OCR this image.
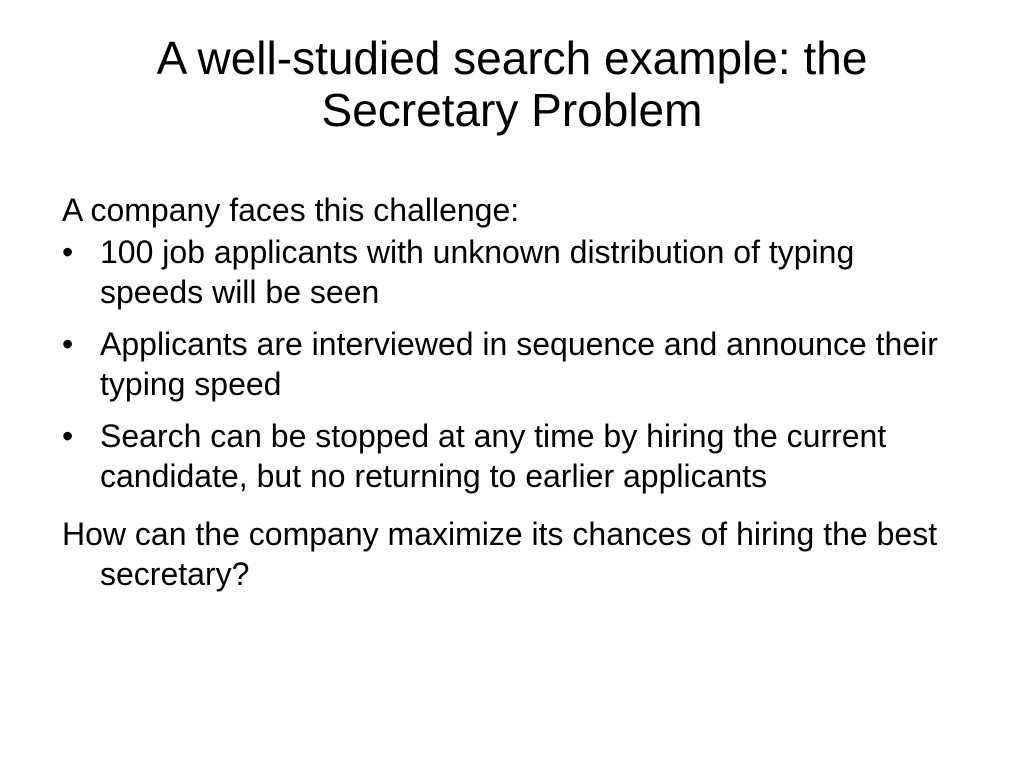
A well-studied search example: the
Secretary Problem

A company faces this challenge:

• 100 job applicants with unknown distribution of typing speeds will be seen
• Applicants are interviewed in sequence and announce their typing speed
• Search can be stopped at any time by hiring the current candidate, but no returning to earlier applicants

How can the company maximize its chances of hiring the best secretary?
